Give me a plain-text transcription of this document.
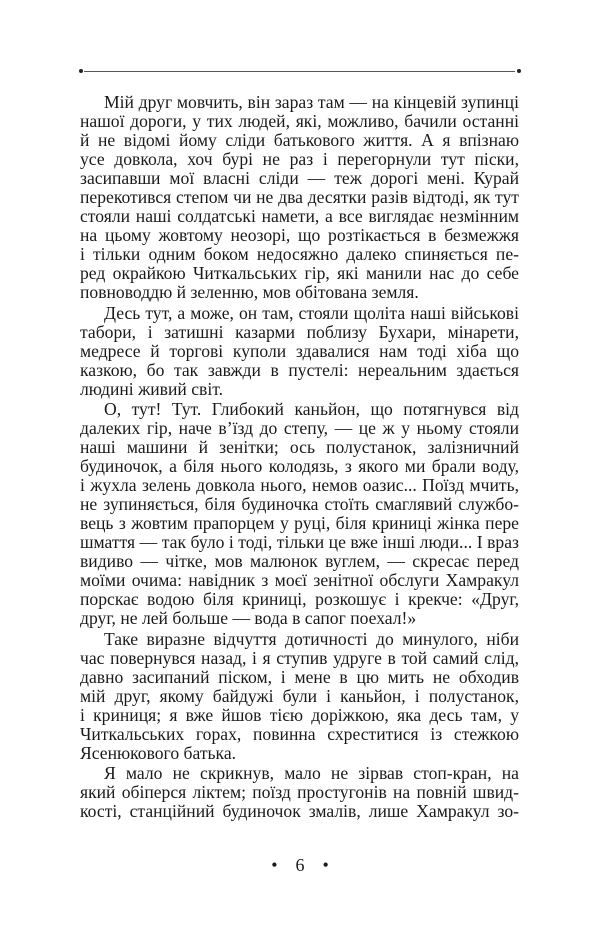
Мій друг мовчить, він зараз там — на кінцевій зупинці
нашої дороги, у тих людей, які, можливо, бачили останні
й не відомі йому сліди батькового життя. А я впізнаю
усе довкола, хоч бурі не раз і перегорнули тут піски,
засипавши мої власні сліди — теж дорогі мені. Курай
перекотився степом чи не два десятки разів відтоді, як тут
стояли наші солдатські намети, а все виглядає незмінним
на цьому жовтому неозорі, що розтікається в безмежжя
і тільки одним боком недосяжно далеко спиняється пе-
ред окрайкою Читкальських гір, які манили нас до себе
повноводдю й зеленню, мов обітована земля.
Десь тут, а може, он там, стояли щоліта наші військові
табори, і затишні казарми поблизу Бухари, мінарети,
медресе й торгові куполи здавалися нам тоді хіба що
казкою, бо так завжди в пустелі: нереальним здається
людині живий світ.
О, тут! Тут. Глибокий каньйон, що потягнувся від
далеких гір, наче в’їзд до степу, — це ж у ньому стояли
наші машини й зенітки; ось полустанок, залізничний
будиночок, а біля нього колодязь, з якого ми брали воду,
і жухла зелень довкола нього, немов оазис... Поїзд мчить,
не зупиняється, біля будиночка стоїть смаглявий службо-
вець з жовтим прапорцем у руці, біля криниці жінка пере
шмаття — так було і тоді, тільки це вже інші люди... І враз
видиво — чітке, мов малюнок вуглем, — скресає перед
моїми очима: навідник з моєї зенітної обслуги Хамракул
порскає водою біля криниці, розкошує і крекче: «Друг,
друг, не лей больше — вода в сапог поехал!»
Таке виразне відчуття дотичності до минулого, ніби
час повернувся назад, і я ступив удруге в той самий слід,
давно засипаний піском, і мене в цю мить не обходив
мій друг, якому байдужі були і каньйон, і полустанок,
і криниця; я вже йшов тією доріжкою, яка десь там, у
Читкальських горах, повинна схреститися із стежкою
Ясенюкового батька.
Я мало не скрикнув, мало не зірвав стоп-кран, на
який обіперся ліктем; поїзд простугонів на повній швид-
кості, станційний будиночок змалів, лише Хамракул зо-
• 6 •
